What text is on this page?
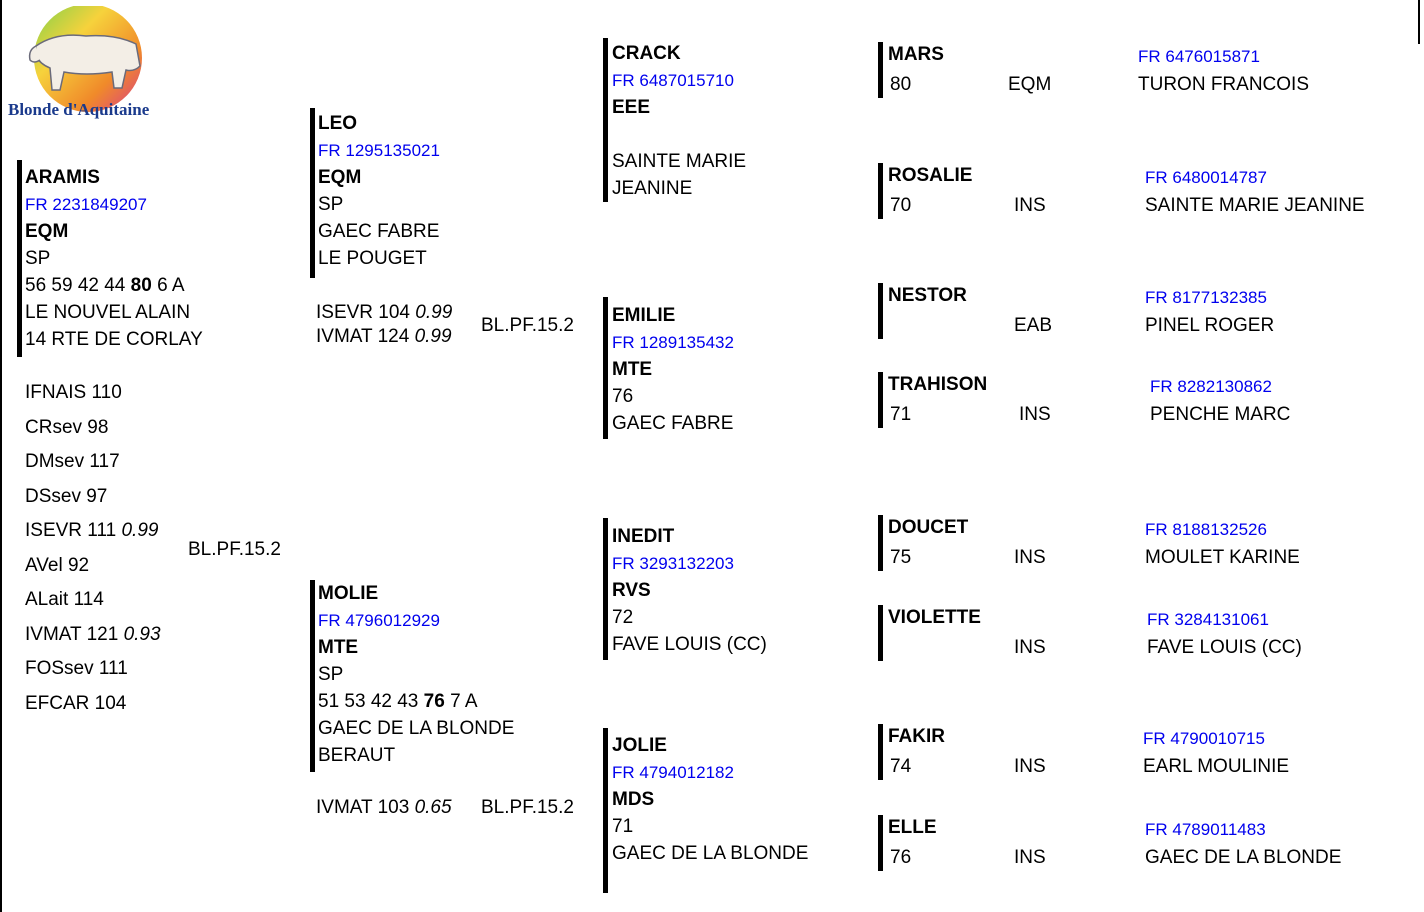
Blonde d'Aquitaine
ARAMIS
FR 2231849207
EQM
SP
56 59 42 44 80 6 A
LE NOUVEL ALAIN
14 RTE DE CORLAY
IFNAIS 110
CRsev 98
DMsev 117
DSsev 97
ISEVR 111 0.99
AVel 92
ALait 114
IVMAT 121 0.93
FOSsev 111
EFCAR 104
BL.PF.15.2
LEO
FR 1295135021
EQM
SP
GAEC FABRE
LE POUGET
ISEVR 104 0.99
IVMAT 124 0.99
BL.PF.15.2
MOLIE
FR 4796012929
MTE
SP
51 53 42 43 76 7 A
GAEC DE LA BLONDE
BERAUT
IVMAT 103 0.65 BL.PF.15.2
CRACK
FR 6487015710
EEE
SAINTE MARIE
JEANINE
EMILIE
FR 1289135432
MTE
76
GAEC FABRE
INEDIT
FR 3293132203
RVS
72
FAVE LOUIS (CC)
JOLIE
FR 4794012182
MDS
71
GAEC DE LA BLONDE
MARS	FR 6476015871
80	EQM	TURON FRANCOIS
ROSALIE	FR 6480014787
70	INS	SAINTE MARIE JEANINE
NESTOR	FR 8177132385
EAB	PINEL ROGER
TRAHISON	FR 8282130862
71	INS	PENCHE MARC
DOUCET	FR 8188132526
75	INS	MOULET KARINE
VIOLETTE	FR 3284131061
INS	FAVE LOUIS (CC)
FAKIR	FR 4790010715
74	INS	EARL MOULINIE
ELLE	FR 4789011483
76	INS	GAEC DE LA BLONDE
